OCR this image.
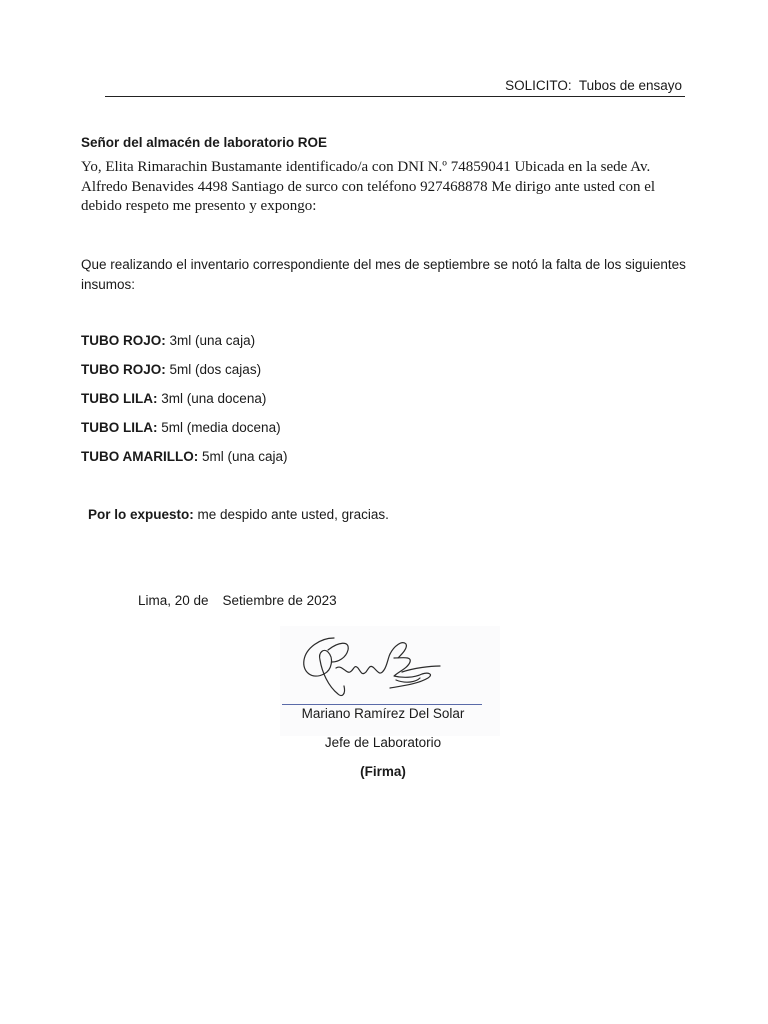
SOLICITO: Tubos de ensayo
Señor del almacén de laboratorio ROE
Yo, Elita Rimarachin Bustamante identificado/a con DNI N.º 74859041 Ubicada en la sede Av. Alfredo Benavides 4498 Santiago de surco con teléfono 927468878 Me dirigo ante usted con el debido respeto me presento y expongo:
Que realizando el inventario correspondiente del mes de septiembre se notó la falta de los siguientes insumos:
TUBO ROJO: 3ml (una caja)
TUBO ROJO: 5ml (dos cajas)
TUBO LILA: 3ml (una docena)
TUBO LILA: 5ml (media docena)
TUBO AMARILLO: 5ml (una caja)
Por lo expuesto: me despido ante usted, gracias.
Lima, 20 de Setiembre de 2023
Mariano Ramírez Del Solar
Jefe de Laboratorio
(Firma)
